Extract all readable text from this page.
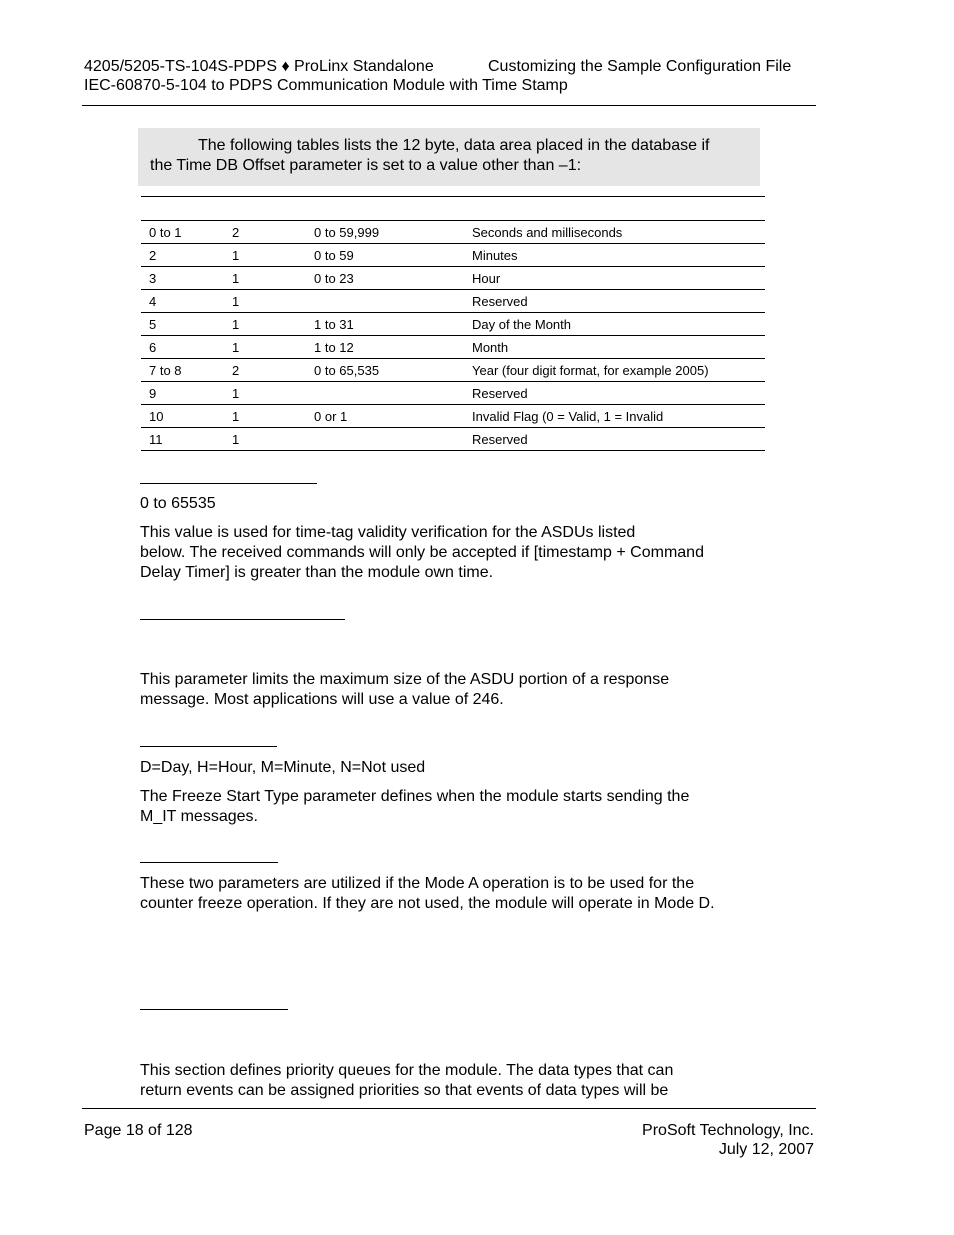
4205/5205-TS-104S-PDPS ♦ ProLinx Standalone
IEC-60870-5-104 to PDPS Communication Module with Time Stamp
Customizing the Sample Configuration File
The following tables lists the 12 byte, data area placed in the database if
the Time DB Offset parameter is set to a value other than –1:
0 to 1	2	0 to 59,999	Seconds and milliseconds
2	1	0 to 59	Minutes
3	1	0 to 23	Hour
4	1		Reserved
5	1	1 to 31	Day of the Month
6	1	1 to 12	Month
7 to 8	2	0 to 65,535	Year (four digit format, for example 2005)
9	1		Reserved
10	1	0 or 1	Invalid Flag (0 = Valid, 1 = Invalid
11	1		Reserved
0 to 65535
This value is used for time-tag validity verification for the ASDUs listed
below. The received commands will only be accepted if [timestamp + Command
Delay Timer] is greater than the module own time.
This parameter limits the maximum size of the ASDU portion of a response
message. Most applications will use a value of 246.
D=Day, H=Hour, M=Minute, N=Not used
The Freeze Start Type parameter defines when the module starts sending the
M_IT messages.
These two parameters are utilized if the Mode A operation is to be used for the
counter freeze operation. If they are not used, the module will operate in Mode D.
This section defines priority queues for the module. The data types that can
return events can be assigned priorities so that events of data types will be
Page 18 of 128	ProSoft Technology, Inc.
July 12, 2007
